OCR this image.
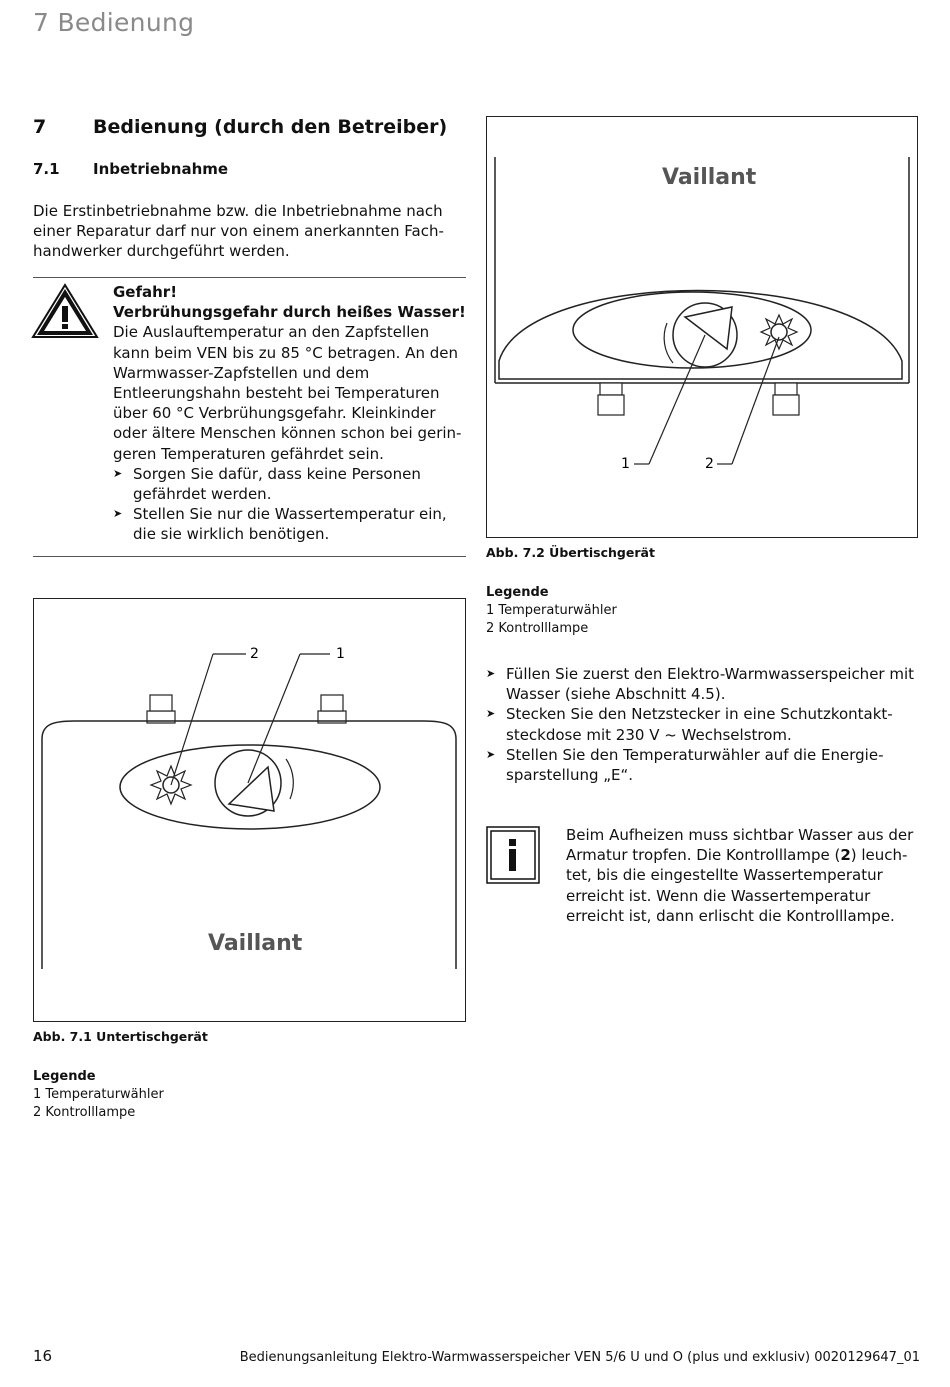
7 Bedienung
7 Bedienung (durch den Betreiber)
7.1 Inbetriebnahme
Die Erstinbetriebnahme bzw. die Inbetriebnahme nach
einer Reparatur darf nur von einem anerkannten Fach-
handwerker durchgeführt werden.
Gefahr!
Verbrühungsgefahr durch heißes Wasser!
Die Auslauftemperatur an den Zapfstellen
kann beim VEN bis zu 85 °C betragen. An den
Warmwasser-Zapfstellen und dem
Entleerungshahn besteht bei Temperaturen
über 60 °C Verbrühungsgefahr. Kleinkinder
oder ältere Menschen können schon bei gerin-
geren Temperaturen gefährdet sein.
➤ Sorgen Sie dafür, dass keine Personen
gefährdet werden.
➤ Stellen Sie nur die Wassertemperatur ein,
die sie wirklich benötigen.
1	2
Vaillant
Abb. 7.2 Übertischgerät
Legende
1 Temperaturwähler
2 Kontrolllampe
➤ Füllen Sie zuerst den Elektro-Warmwasserspeicher mit
Wasser (siehe Abschnitt 4.5).
➤ Stecken Sie den Netzstecker in eine Schutzkontakt-
steckdose mit 230 V ~ Wechselstrom.
➤ Stellen Sie den Temperaturwähler auf die Energie-
sparstellung „E“.
Beim Aufheizen muss sichtbar Wasser aus der
Armatur tropfen. Die Kontrolllampe (2) leuch-
tet, bis die eingestellte Wassertemperatur
erreicht ist. Wenn die Wassertemperatur
erreicht ist, dann erlischt die Kontrolllampe.
2	1
Vaillant
Abb. 7.1 Untertischgerät
Legende
1 Temperaturwähler
2 Kontrolllampe
16	Bedienungsanleitung Elektro-Warmwasserspeicher VEN 5/6 U und O (plus und exklusiv) 0020129647_01
